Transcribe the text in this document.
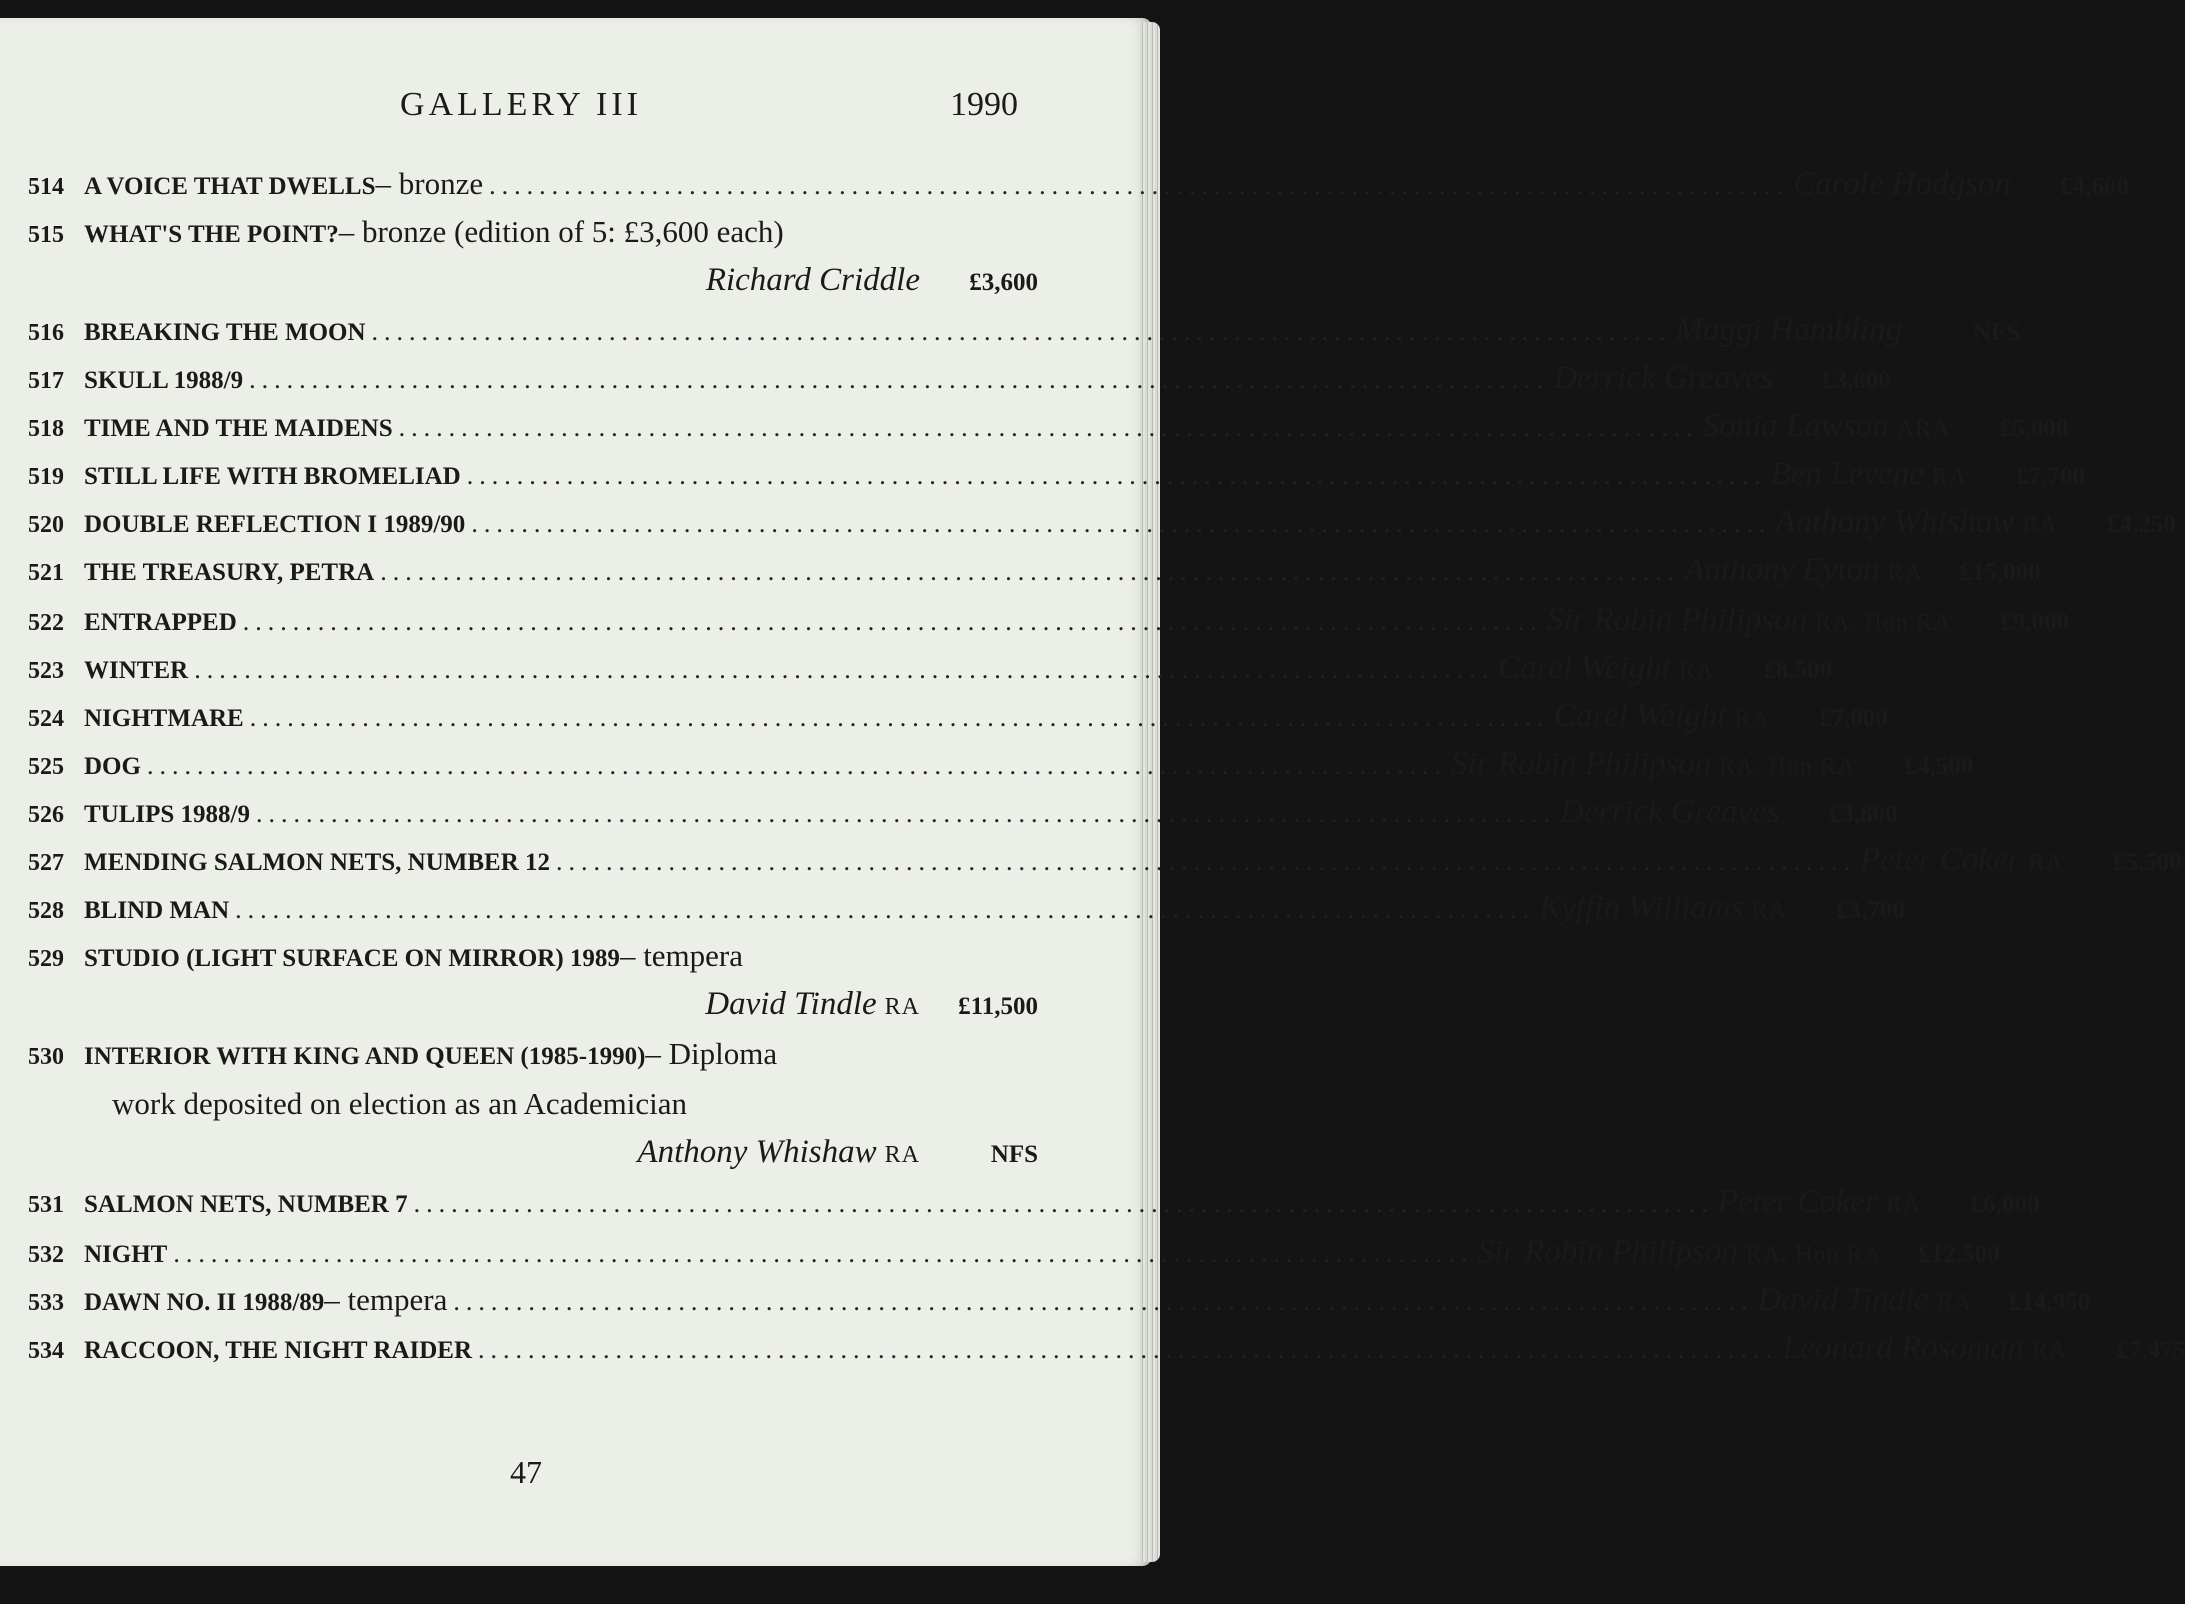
GALLERY III	1990
514 A VOICE THAT DWELLS – bronze ........................................................................................................ Carole Hodgson	£4,600
515 WHAT'S THE POINT? – bronze (edition of 5: £3,600 each)
Richard Criddle	£3,600
516 BREAKING THE MOON ........................................................................................................ Maggi Hambling	NFS
517 SKULL 1988/9 ........................................................................................................ Derrick Greaves	£3,800
518 TIME AND THE MAIDENS ........................................................................................................ Sonia Lawson ARA	£5,000
519 STILL LIFE WITH BROMELIAD ........................................................................................................ Ben Levene RA	£7,700
520 DOUBLE REFLECTION I 1989/90 ........................................................................................................ Anthony Whishaw RA	£4,250
521 THE TREASURY, PETRA ........................................................................................................ Anthony Eyton RA	£15,000
522 ENTRAPPED ........................................................................................................ Sir Robin Philipson RA, Hon RA	£9,000
523 WINTER ........................................................................................................ Carel Weight RA	£8,500
524 NIGHTMARE ........................................................................................................ Carel Weight RA	£7,000
525 DOG ........................................................................................................ Sir Robin Philipson RA, Hon RA	£4,500
526 TULIPS 1988/9 ........................................................................................................ Derrick Greaves	£3,800
527 MENDING SALMON NETS, NUMBER 12 ........................................................................................................ Peter Coker RA	£5,500
528 BLIND MAN ........................................................................................................ Kyffin Williams RA	£3,700
529 STUDIO (LIGHT SURFACE ON MIRROR) 1989 – tempera
David Tindle RA	£11,500
530 INTERIOR WITH KING AND QUEEN (1985-1990) – Diploma
work deposited on election as an Academician
Anthony Whishaw RA	NFS
531 SALMON NETS, NUMBER 7 ........................................................................................................ Peter Coker RA	£6,000
532 NIGHT ........................................................................................................ Sir Robin Philipson RA, Hon RA	£12,500
533 DAWN NO. II 1988/89 – tempera ........................................................................................................ David Tindle RA	£14,950
534 RACCOON, THE NIGHT RAIDER ........................................................................................................ Leonard Rosoman RA	£7,475
47
